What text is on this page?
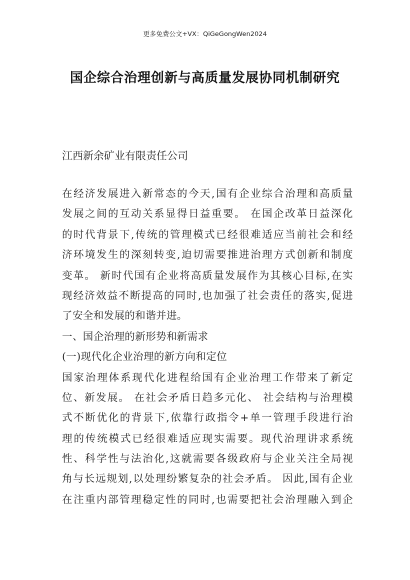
更多免费公文+VX：QiGeGongWen2024
国企综合治理创新与高质量发展协同机制研究
江西新余矿业有限责任公司
在经济发展进入新常态的今天,国有企业综合治理和高质量
发展之间的互动关系显得日益重要。 在国企改革日益深化
的时代背景下,传统的管理模式已经很难适应当前社会和经
济环境发生的深刻转变,迫切需要推进治理方式创新和制度
变革。 新时代国有企业将高质量发展作为其核心目标,在实
现经济效益不断提高的同时,也加强了社会责任的落实,促进
了安全和发展的和谐并进。
一、国企治理的新形势和新需求
(一)现代化企业治理的新方向和定位
国家治理体系现代化进程给国有企业治理工作带来了新定
位、新发展。 在社会矛盾日趋多元化、 社会结构与治理模
式不断优化的背景下,依靠行政指令+单一管理手段进行治
理的传统模式已经很难适应现实需要。现代治理讲求系统
性、科学性与法治化,这就需要各级政府与企业关注全局视
角与长远规划,以处理纷繁复杂的社会矛盾。 因此,国有企业
在注重内部管理稳定性的同时,也需要把社会治理融入到企
